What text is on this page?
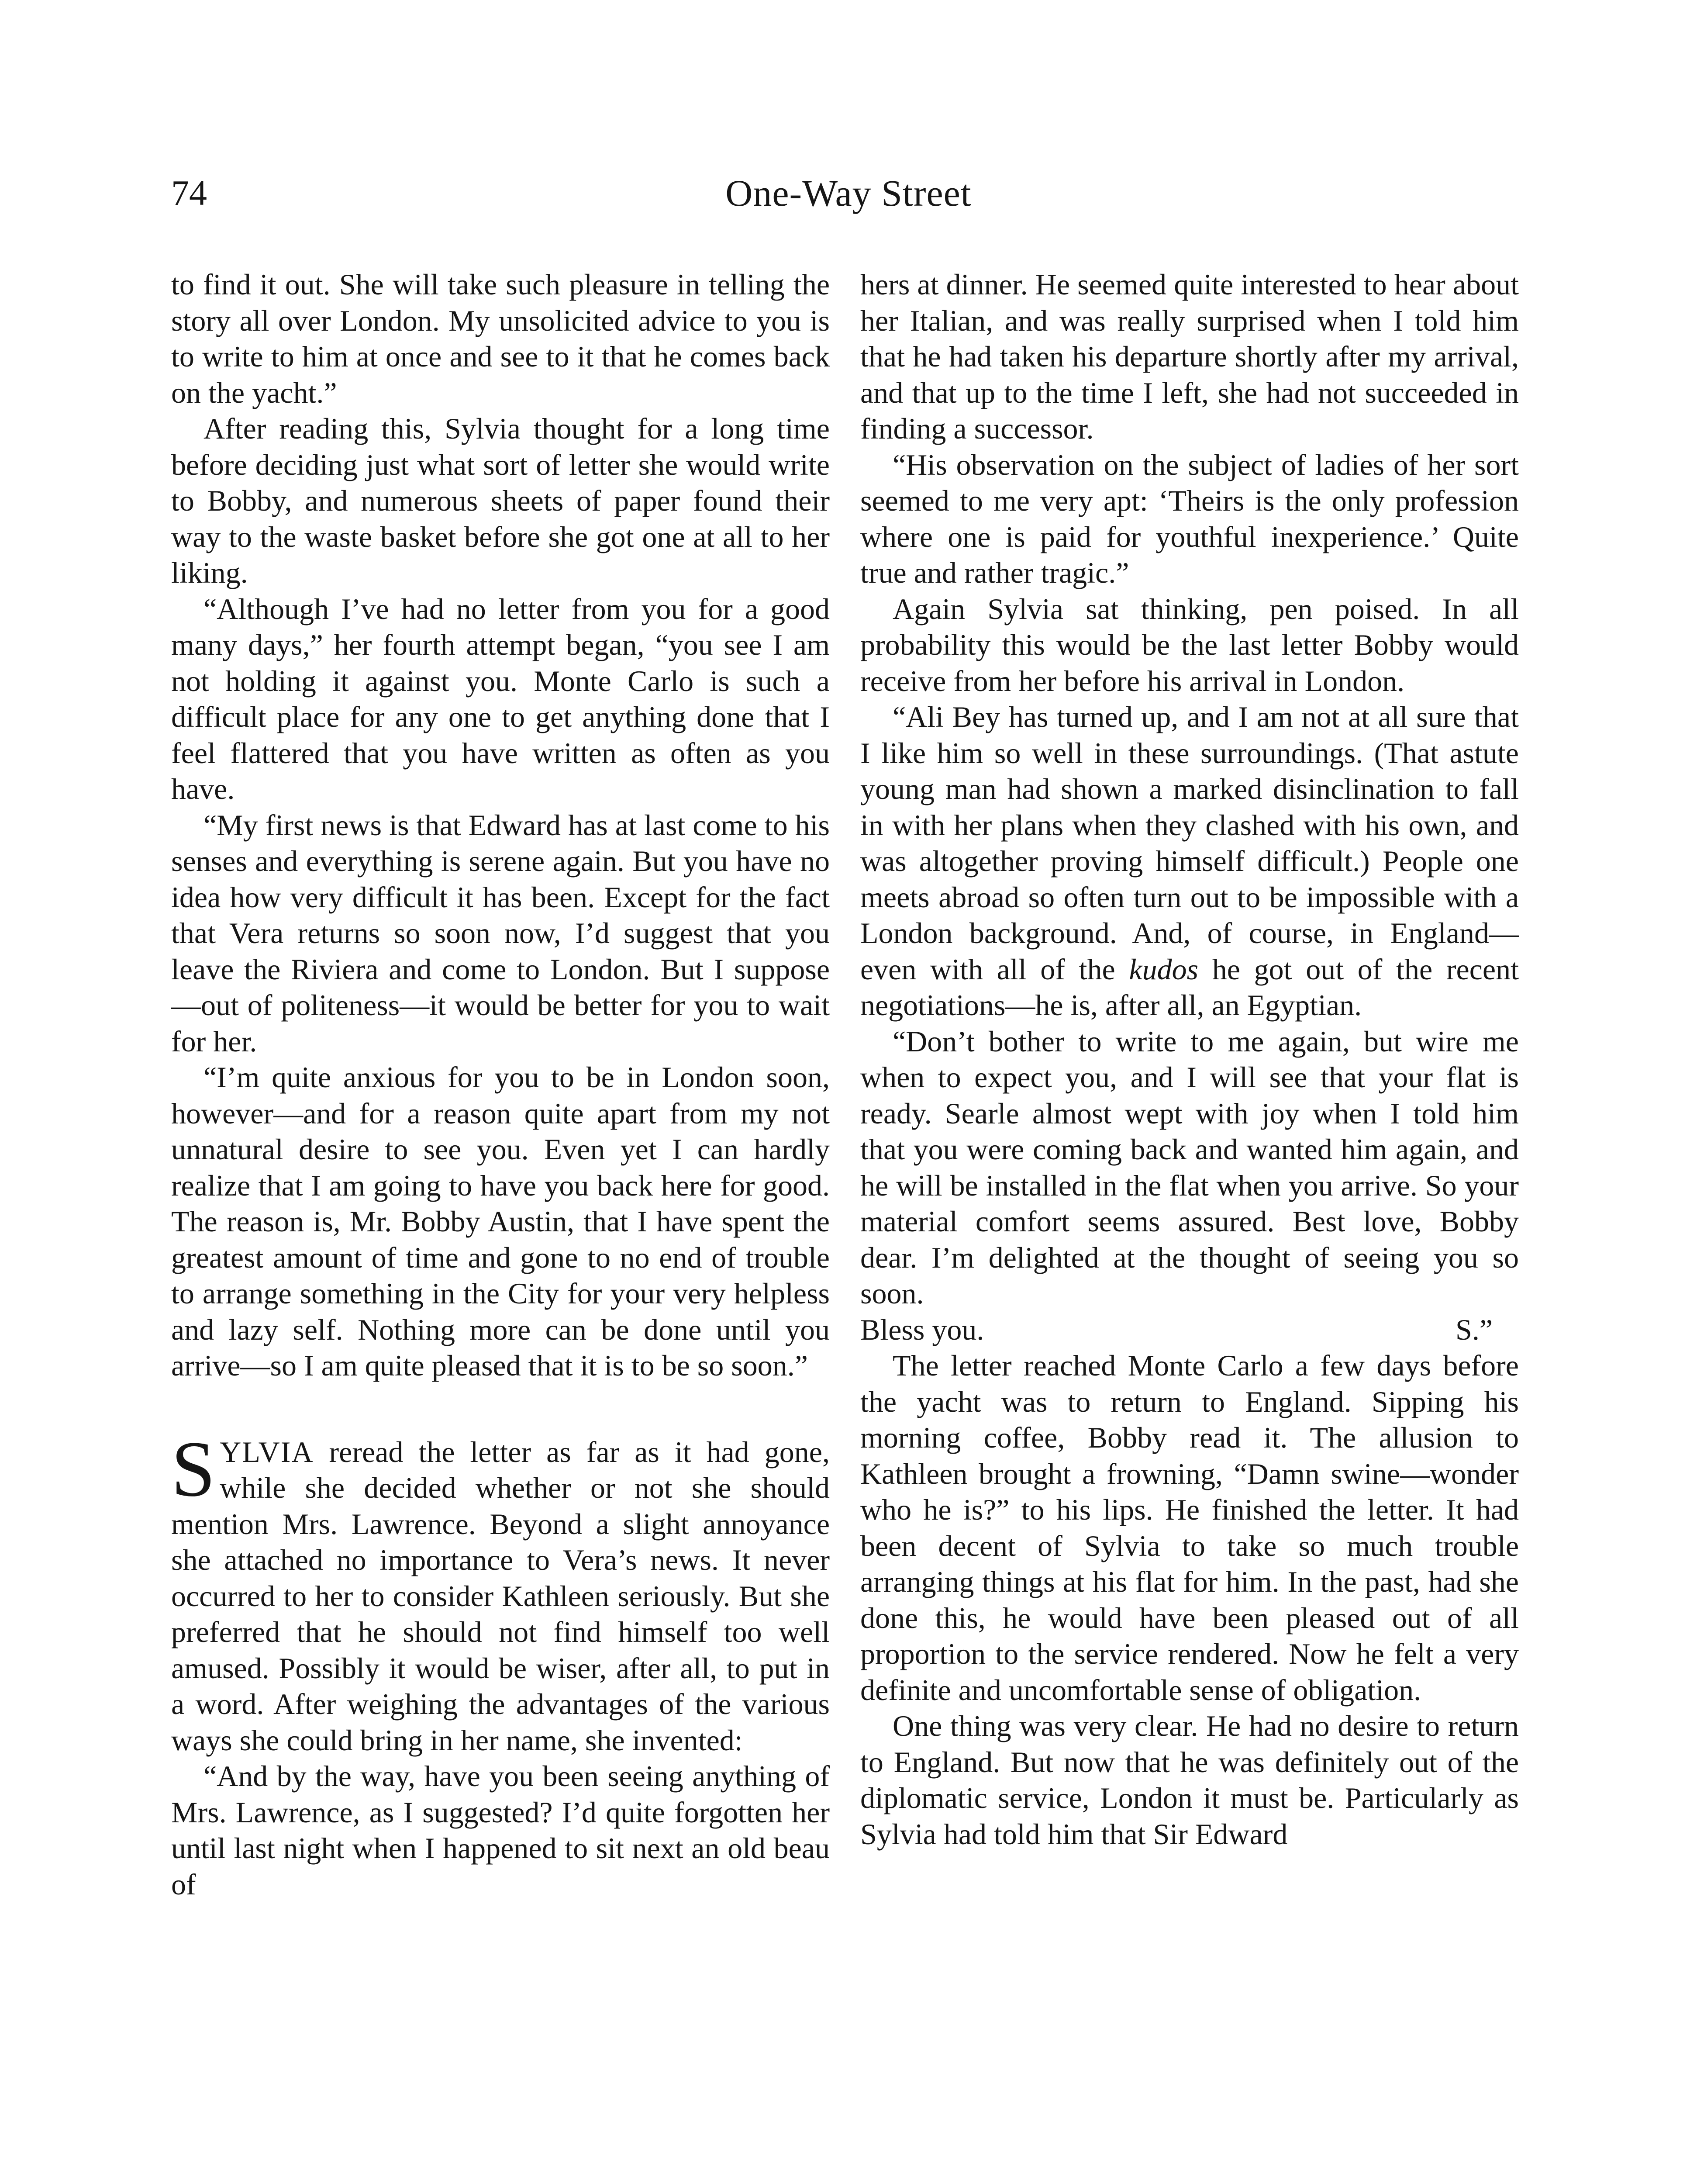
74	One-Way Street

to find it out. She will take such pleasure in telling the story all over London. My unsolicited advice to you is to write to him at once and see to it that he comes back on the yacht.”

After reading this, Sylvia thought for a long time before deciding just what sort of letter she would write to Bobby, and numerous sheets of paper found their way to the waste basket before she got one at all to her liking.

“Although I’ve had no letter from you for a good many days,” her fourth attempt began, “you see I am not holding it against you. Monte Carlo is such a difficult place for any one to get anything done that I feel flattered that you have written as often as you have.

“My first news is that Edward has at last come to his senses and everything is serene again. But you have no idea how very difficult it has been. Except for the fact that Vera returns so soon now, I’d suggest that you leave the Riviera and come to London. But I suppose—out of politeness—it would be better for you to wait for her.

“I’m quite anxious for you to be in London soon, however—and for a reason quite apart from my not unnatural desire to see you. Even yet I can hardly realize that I am going to have you back here for good. The reason is, Mr. Bobby Austin, that I have spent the greatest amount of time and gone to no end of trouble to arrange something in the City for your very helpless and lazy self. Nothing more can be done until you arrive—so I am quite pleased that it is to be so soon.”

SYLVIA reread the letter as far as it had gone, while she decided whether or not she should mention Mrs. Lawrence. Beyond a slight annoyance she attached no importance to Vera’s news. It never occurred to her to consider Kathleen seriously. But she preferred that he should not find himself too well amused. Possibly it would be wiser, after all, to put in a word. After weighing the advantages of the various ways she could bring in her name, she invented:

“And by the way, have you been seeing anything of Mrs. Lawrence, as I suggested? I’d quite forgotten her until last night when I happened to sit next an old beau of

hers at dinner. He seemed quite interested to hear about her Italian, and was really surprised when I told him that he had taken his departure shortly after my arrival, and that up to the time I left, she had not succeeded in finding a successor.

“His observation on the subject of ladies of her sort seemed to me very apt: ‘Theirs is the only profession where one is paid for youthful inexperience.’ Quite true and rather tragic.”

Again Sylvia sat thinking, pen poised. In all probability this would be the last letter Bobby would receive from her before his arrival in London.

“Ali Bey has turned up, and I am not at all sure that I like him so well in these surroundings. (That astute young man had shown a marked disinclination to fall in with her plans when they clashed with his own, and was altogether proving himself difficult.) People one meets abroad so often turn out to be impossible with a London background. And, of course, in England—even with all of the kudos he got out of the recent negotiations—he is, after all, an Egyptian.

“Don’t bother to write to me again, but wire me when to expect you, and I will see that your flat is ready. Searle almost wept with joy when I told him that you were coming back and wanted him again, and he will be installed in the flat when you arrive. So your material comfort seems assured. Best love, Bobby dear. I’m delighted at the thought of seeing you so soon.

Bless you.	S.”

The letter reached Monte Carlo a few days before the yacht was to return to England. Sipping his morning coffee, Bobby read it. The allusion to Kathleen brought a frowning, “Damn swine—wonder who he is?” to his lips. He finished the letter. It had been decent of Sylvia to take so much trouble arranging things at his flat for him. In the past, had she done this, he would have been pleased out of all proportion to the service rendered. Now he felt a very definite and uncomfortable sense of obligation.

One thing was very clear. He had no desire to return to England. But now that he was definitely out of the diplomatic service, London it must be. Particularly as Sylvia had told him that Sir Edward
